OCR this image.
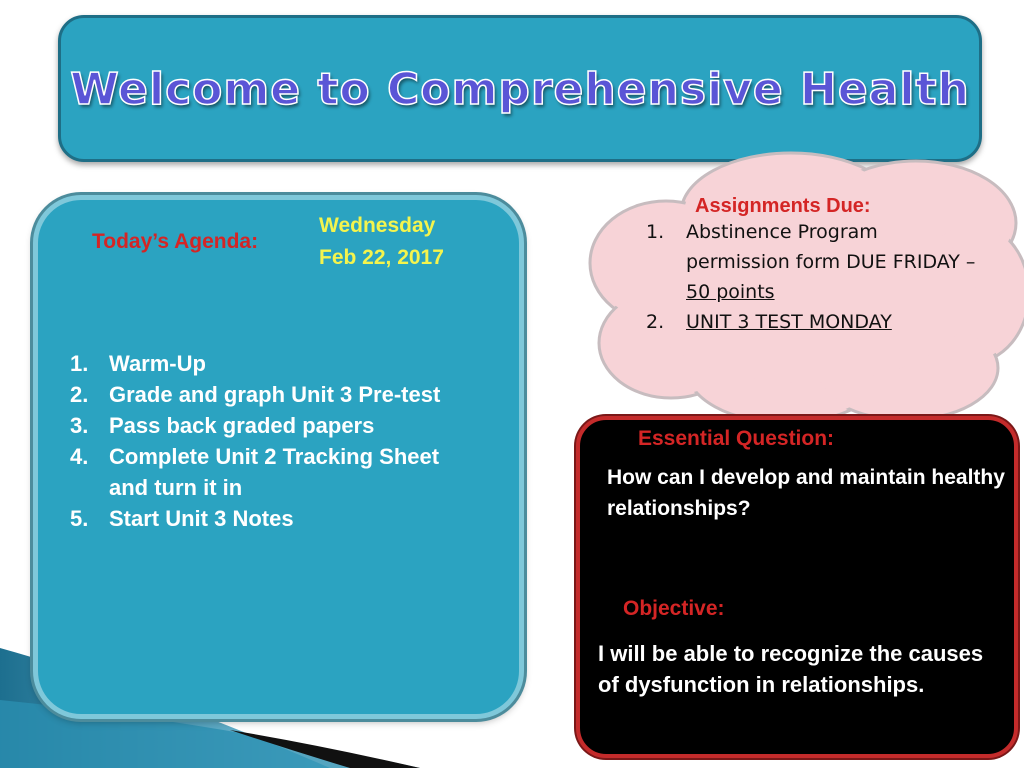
Welcome to Comprehensive Health
Today’s Agenda:
Wednesday
Feb 22, 2017
1. Warm-Up
2. Grade and graph Unit 3 Pre-test
3. Pass back graded papers
4. Complete Unit 2 Tracking Sheet and turn it in
5. Start Unit 3 Notes
Assignments Due:
1. Abstinence Program permission form DUE FRIDAY – 50 points
2. UNIT 3 TEST MONDAY
Essential Question:

How can I develop and maintain healthy relationships?

Objective:

I will be able to recognize the causes of dysfunction in relationships.
